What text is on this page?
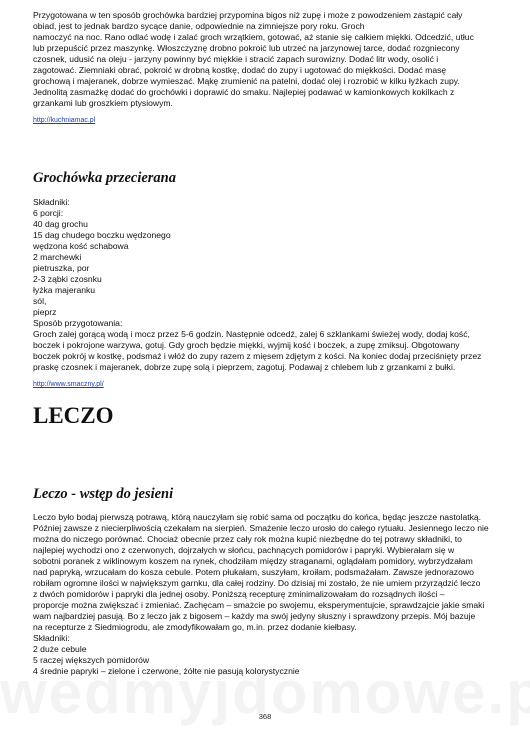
Przygotowana w ten sposób grochówka bardziej przypomina bigos niż zupę i może z powodzeniem zastąpić cały

obiad, jest to jednak bardzo sycące danie, odpowiednie na zimniejsze pory roku. Groch

namoczyć na noc. Rano odlać wodę i zalać groch wrzątkiem, gotować, aż stanie się całkiem miękki. Odcedzić, utłuc

lub przepuścić przez maszynkę. Włoszczyznę drobno pokroić lub utrzeć na jarzynowej tarce, dodać rozgniecony

czosnek, udusić na oleju - jarzyny powinny być miękkie i stracić zapach surowizny. Dodać litr wody, osolić i

zagotować. Ziemniaki obrać, pokroić w drobną kostkę, dodać do zupy i ugotować do miękkości. Dodać masę

grochową i majeranek, dobrze wymieszać. Mąkę zrumienić na patelni, dodać olej i rozrobić w kilku łyżkach zupy.

Jednolitą zasmażkę dodać do grochówki i doprawić do smaku. Najlepiej podawać w kamionkowych kokilkach z

grzankami lub groszkiem ptysiowym.

http://kuchniamac.pl
Grochówka przecierana
Składniki:
6 porcji:
40 dag grochu
15 dag chudego boczku wędzonego
wędzona kość schabowa
2 marchewki
pietruszka, por
2-3 ząbki czosnku
łyżka majeranku
sól,
pieprz
Sposób przygotowania:

Groch zalej gorącą wodą i mocz przez 5-6 godzin. Następnie odcedź, zalej 6 szklankami świeżej wody, dodaj kość,

boczek i pokrojone warzywa, gotuj. Gdy groch będzie miękki, wyjmij kość i boczek, a zupę zmiksuj. Obgotowany

boczek pokrój w kostkę, podsmaż i włóż do zupy razem z mięsem zdjętym z kości. Na koniec dodaj przeciśnięty przez

praskę czosnek i majeranek, dobrze zupę solą i pieprzem, zagotuj. Podawaj z chlebem lub z grzankami z bułki.

http://www.smaczny.pl/
LECZO
Leczo - wstęp do jesieni

Leczo było bodaj pierwszą potrawą, którą nauczyłam się robić sama od początku do końca, będąc jeszcze nastolatką.

Później zawsze z niecierpliwością czekałam na sierpień. Smażenie leczo urosło do całego rytuału. Jesiennego leczo nie

można do niczego porównać. Chociaż obecnie przez cały rok można kupić niezbędne do tej potrawy składniki, to

najlepiej wychodzi ono z czerwonych, dojrzałych w słońcu, pachnących pomidorów i papryki. Wybierałam się w

sobotni poranek z wiklinowym koszem na rynek, chodziłam między straganami, oglądałam pomidory, wybrzydzałam

nad papryką, wrzucałam do kosza cebule. Potem płukałam, suszyłam, kroiłam, podsmażałam. Zawsze jednorazowo

robiłam ogromne ilości w największym garnku, dla całej rodziny. Do dzisiaj mi zostało, że nie umiem przyrządzić leczo

z dwóch pomidorów i papryki dla jednej osoby. Poniższą recepturę zminimalizowałam do rozsądnych ilości –

proporcje można zwiększać i zmieniać. Zachęcam – smażcie po swojemu, eksperymentujcie, sprawdzajcie jakie smaki

wam najbardziej pasują. Bo z leczo jak z bigosem – każdy ma swój jedyny słuszny i sprawdzony przepis. Mój bazuje

na recepturze z Siedmiogrodu, ale zmodyfikowałam go, m.in. przez dodanie kiełbasy.

Składniki:

2 duże cebule

5 raczej większych pomidorów

4 średnie papryki – zielone i czerwone, żółte nie pasują kolorystycznie

368
